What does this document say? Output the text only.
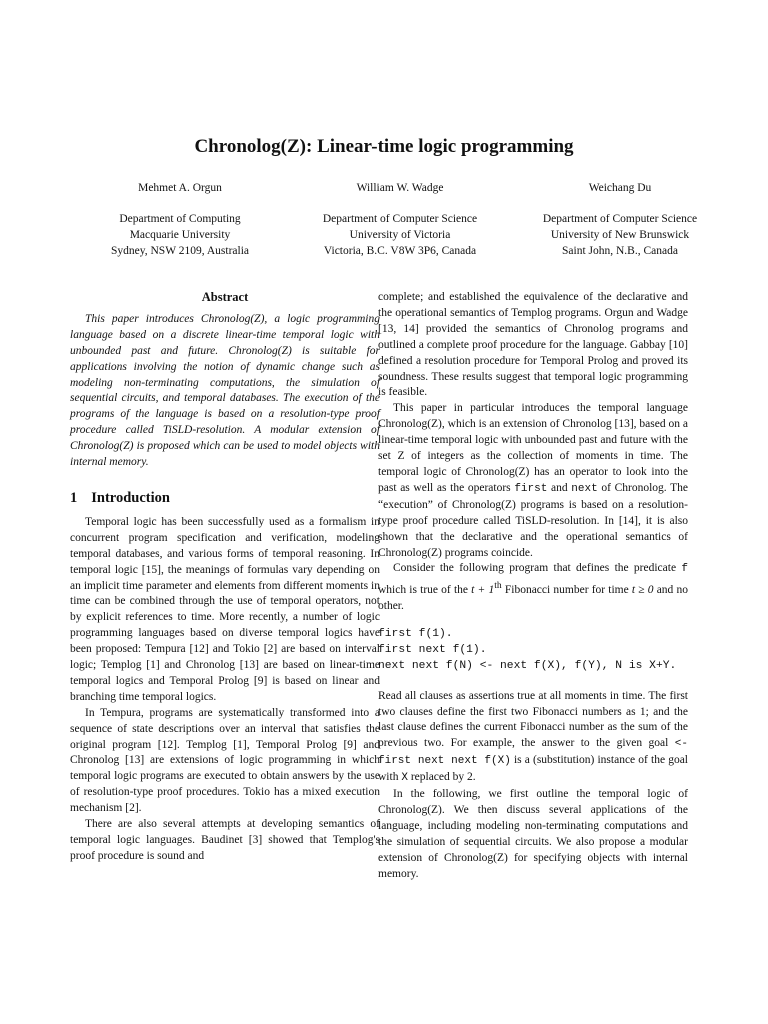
Chronolog(Z): Linear-time logic programming
Mehmet A. Orgun
Department of Computing
Macquarie University
Sydney, NSW 2109, Australia
William W. Wadge
Department of Computer Science
University of Victoria
Victoria, B.C. V8W 3P6, Canada
Weichang Du
Department of Computer Science
University of New Brunswick
Saint John, N.B., Canada
Abstract

This paper introduces Chronolog(Z), a logic programming language based on a discrete linear-time temporal logic with unbounded past and future. Chronolog(Z) is suitable for applications involving the notion of dynamic change such as modeling non-terminating computations, the simulation of sequential circuits, and temporal databases. The execution of the programs of the language is based on a resolution-type proof procedure called TiSLD-resolution. A modular extension of Chronolog(Z) is proposed which can be used to model objects with internal memory.

1 Introduction

Temporal logic has been successfully used as a formalism in concurrent program specification and verification, modeling temporal databases, and various forms of temporal reasoning. In temporal logic [15], the meanings of formulas vary depending on an implicit time parameter and elements from different moments in time can be combined through the use of temporal operators, not by explicit references to time. More recently, a number of logic programming languages based on diverse temporal logics have been proposed: Tempura [12] and Tokio [2] are based on interval logic; Templog [1] and Chronolog [13] are based on linear-time temporal logics and Temporal Prolog [9] is based on linear and branching time temporal logics.

In Tempura, programs are systematically transformed into a sequence of state descriptions over an interval that satisfies the original program [12]. Templog [1], Temporal Prolog [9] and Chronolog [13] are extensions of logic programming in which temporal logic programs are executed to obtain answers by the use of resolution-type proof procedures. Tokio has a mixed execution mechanism [2].

There are also several attempts at developing semantics of temporal logic languages. Baudinet [3] showed that Templog's proof procedure is sound and

complete; and established the equivalence of the declarative and the operational semantics of Templog programs. Orgun and Wadge [13, 14] provided the semantics of Chronolog programs and outlined a complete proof procedure for the language. Gabbay [10] defined a resolution procedure for Temporal Prolog and proved its soundness. These results suggest that temporal logic programming is feasible.

This paper in particular introduces the temporal language Chronolog(Z), which is an extension of Chronolog [13], based on a linear-time temporal logic with unbounded past and future with the set Z of integers as the collection of moments in time. The temporal logic of Chronolog(Z) has an operator to look into the past as well as the operators first and next of Chronolog. The “execution” of Chronolog(Z) programs is based on a resolution-type proof procedure called TiSLD-resolution. In [14], it is also shown that the declarative and the operational semantics of Chronolog(Z) programs coincide.

Consider the following program that defines the predicate f which is true of the t + 1th Fibonacci number for time t ≥ 0 and no other.

first f(1).
first next f(1).
next next f(N) <- next f(X), f(Y), N is X+Y.

Read all clauses as assertions true at all moments in time. The first two clauses define the first two Fibonacci numbers as 1; and the last clause defines the current Fibonacci number as the sum of the previous two. For example, the answer to the given goal <- first next next f(X) is a (substitution) instance of the goal with X replaced by 2.

In the following, we first outline the temporal logic of Chronolog(Z). We then discuss several applications of the language, including modeling non-terminating computations and the simulation of sequential circuits. We also propose a modular extension of Chronolog(Z) for specifying objects with internal memory.
